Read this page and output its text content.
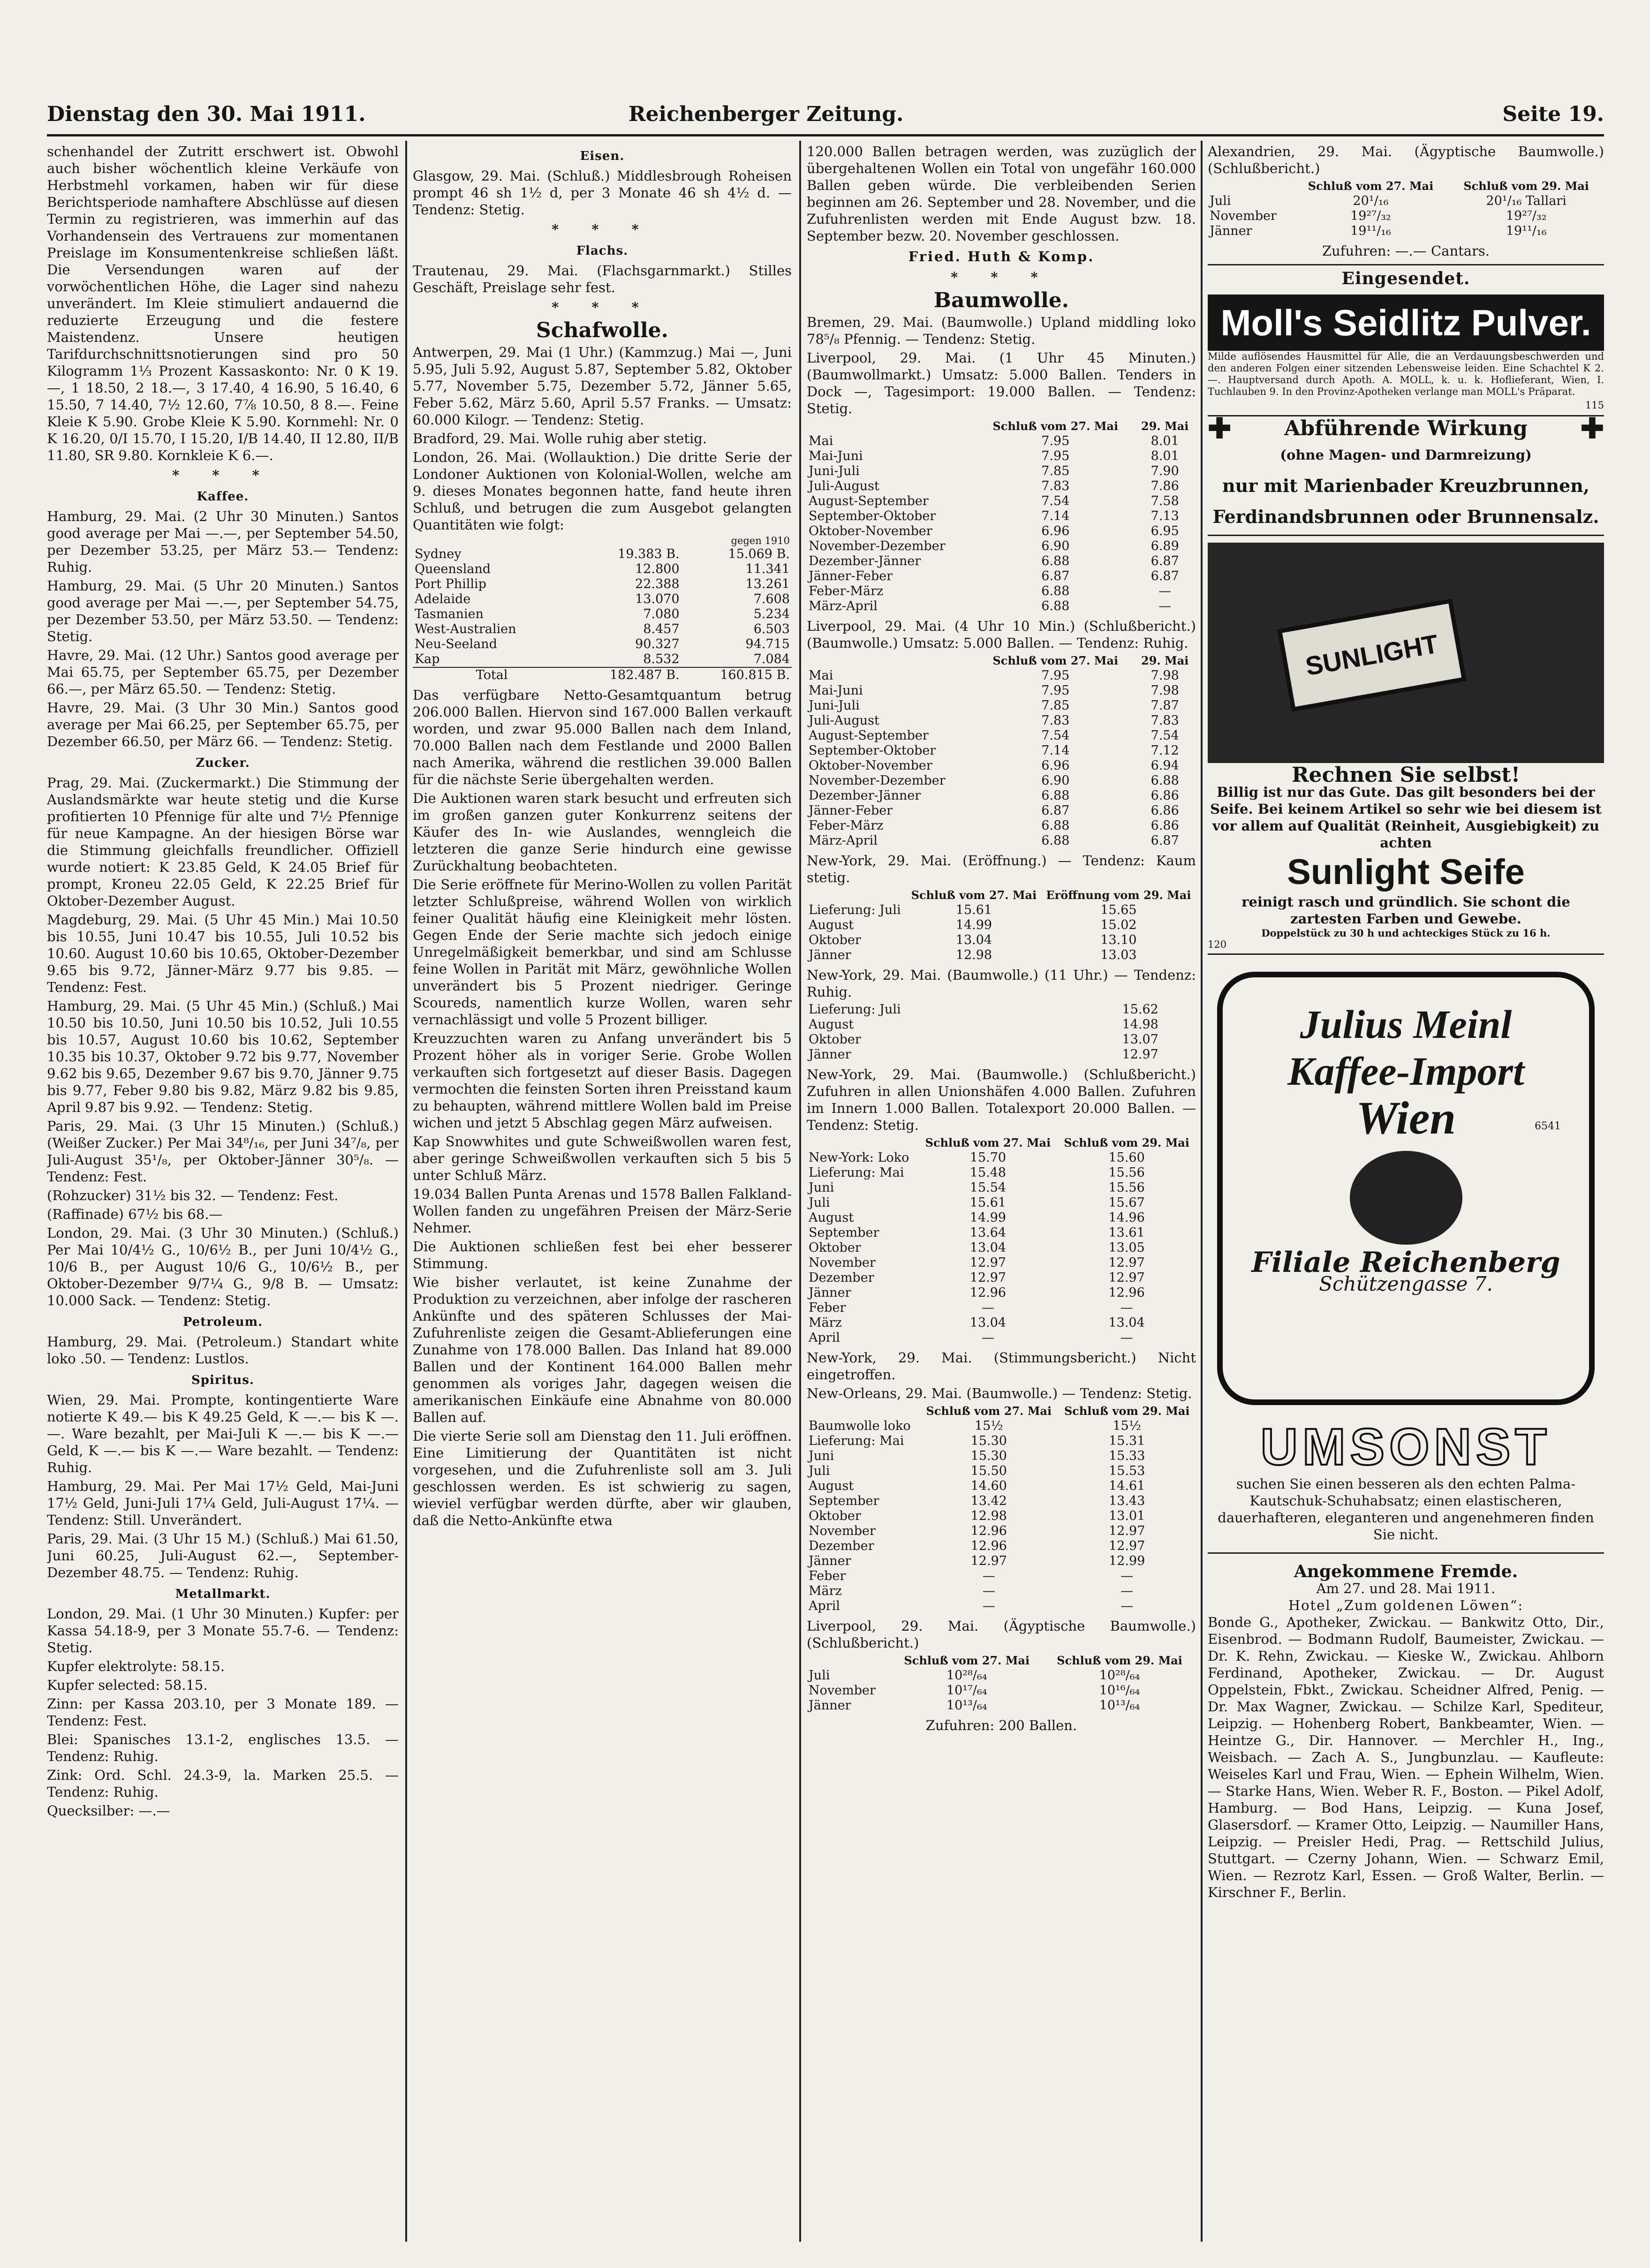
Dienstag den 30. Mai 1911.	Reichenberger Zeitung.	Seite 19.

schenhandel der Zutritt erschwert ist. Obwohl auch bisher wöchentlich kleine Verkäufe von Herbstmehl vorkamen, haben wir für diese Berichtsperiode namhaftere Abschlüsse auf diesen Termin zu registrieren, was immerhin auf das Vorhandensein des Vertrauens zur momentanen Preislage im Konsumentenkreise schließen läßt. Die Versendungen waren auf der vorwöchentlichen Höhe, die Lager sind nahezu unverändert. Im Kleie stimuliert andauernd die reduzierte Erzeugung und die festere Maistendenz. Unsere heutigen Tarifdurchschnittsnotierungen sind pro 50 Kilogramm 1⅓ Prozent Kassaskonto: Nr. 0 K 19.—, 1 18.50, 2 18.—, 3 17.40, 4 16.90, 5 16.40, 6 15.50, 7 14.40, 7½ 12.60, 7⅞ 10.50, 8 8.—. Feine Kleie K 5.90. Grobe Kleie K 5.90. Kornmehl: Nr. 0 K 16.20, 0/I 15.70, I 15.20, I/B 14.40, II 12.80, II/B 11.80, SR 9.80. Kornkleie K 6.—.

* * *
Kaffee.

Hamburg, 29. Mai. (2 Uhr 30 Minuten.) Santos good average per Mai —.—, per September 54.50, per Dezember 53.25, per März 53.— Tendenz: Ruhig.

Hamburg, 29. Mai. (5 Uhr 20 Minuten.) Santos good average per Mai —.—, per September 54.75, per Dezember 53.50, per März 53.50. — Tendenz: Stetig.

Havre, 29. Mai. (12 Uhr.) Santos good average per Mai 65.75, per September 65.75, per Dezember 66.—, per März 65.50. — Tendenz: Stetig.

Havre, 29. Mai. (3 Uhr 30 Min.) Santos good average per Mai 66.25, per September 65.75, per Dezember 66.50, per März 66. — Tendenz: Stetig.

Zucker.

Prag, 29. Mai. (Zuckermarkt.) Die Stimmung der Auslandsmärkte war heute stetig und die Kurse profitierten 10 Pfennige für alte und 7½ Pfennige für neue Kampagne. An der hiesigen Börse war die Stimmung gleichfalls freundlicher. Offiziell wurde notiert: K 23.85 Geld, K 24.05 Brief für prompt, Kroneu 22.05 Geld, K 22.25 Brief für Oktober-Dezember August.

Magdeburg, 29. Mai. (5 Uhr 45 Min.) Mai 10.50 bis 10.55, Juni 10.47 bis 10.55, Juli 10.52 bis 10.60. August 10.60 bis 10.65, Oktober-Dezember 9.65 bis 9.72, Jänner-März 9.77 bis 9.85. — Tendenz: Fest.

Hamburg, 29. Mai. (5 Uhr 45 Min.) (Schluß.) Mai 10.50 bis 10.50, Juni 10.50 bis 10.52, Juli 10.55 bis 10.57, August 10.60 bis 10.62, September 10.35 bis 10.37, Oktober 9.72 bis 9.77, November 9.62 bis 9.65, Dezember 9.67 bis 9.70, Jänner 9.75 bis 9.77, Feber 9.80 bis 9.82, März 9.82 bis 9.85, April 9.87 bis 9.92. — Tendenz: Stetig.

Paris, 29. Mai. (3 Uhr 15 Minuten.) (Schluß.) (Weißer Zucker.) Per Mai 34⁸/₁₆, per Juni 34⁷/₈, per Juli-August 35¹/₈, per Oktober-Jänner 30⁵/₈. — Tendenz: Fest.

(Rohzucker) 31½ bis 32. — Tendenz: Fest.

(Raffinade) 67½ bis 68.—

London, 29. Mai. (3 Uhr 30 Minuten.) (Schluß.) Per Mai 10/4½ G., 10/6½ B., per Juni 10/4½ G., 10/6 B., per August 10/6 G., 10/6½ B., per Oktober-Dezember 9/7¼ G., 9/8 B. — Umsatz: 10.000 Sack. — Tendenz: Stetig.

Petroleum.

Hamburg, 29. Mai. (Petroleum.) Standart white loko .50. — Tendenz: Lustlos.

Spiritus.

Wien, 29. Mai. Prompte, kontingentierte Ware notierte K 49.— bis K 49.25 Geld, K —.— bis K —.—. Ware bezahlt, per Mai-Juli K —.— bis K —.— Geld, K —.— bis K —.— Ware bezahlt. — Tendenz: Ruhig.

Hamburg, 29. Mai. Per Mai 17½ Geld, Mai-Juni 17½ Geld, Juni-Juli 17¼ Geld, Juli-August 17¼. — Tendenz: Still. Unverändert.

Paris, 29. Mai. (3 Uhr 15 M.) (Schluß.) Mai 61.50, Juni 60.25, Juli-August 62.—, September-Dezember 48.75. — Tendenz: Ruhig.

Metallmarkt.

London, 29. Mai. (1 Uhr 30 Minuten.) Kupfer: per Kassa 54.18-9, per 3 Monate 55.7-6. — Tendenz: Stetig.

Kupfer elektrolyte: 58.15.

Kupfer selected: 58.15.

Zinn: per Kassa 203.10, per 3 Monate 189. — Tendenz: Fest.

Blei: Spanisches 13.1-2, englisches 13.5. — Tendenz: Ruhig.

Zink: Ord. Schl. 24.3-9, la. Marken 25.5. — Tendenz: Ruhig.

Quecksilber: —.—

Eisen.

Glasgow, 29. Mai. (Schluß.) Middlesbrough Roheisen prompt 46 sh 1½ d, per 3 Monate 46 sh 4½ d. — Tendenz: Stetig.

* * *
Flachs.

Trautenau, 29. Mai. (Flachsgarnmarkt.) Stilles Geschäft, Preislage sehr fest.

* * *
Schafwolle.

Antwerpen, 29. Mai (1 Uhr.) (Kammzug.) Mai —, Juni 5.95, Juli 5.92, August 5.87, September 5.82, Oktober 5.77, November 5.75, Dezember 5.72, Jänner 5.65, Feber 5.62, März 5.60, April 5.57 Franks. — Umsatz: 60.000 Kilogr. — Tendenz: Stetig.

Bradford, 29. Mai. Wolle ruhig aber stetig.

London, 26. Mai. (Wollauktion.) Die dritte Serie der Londoner Auktionen von Kolonial-Wollen, welche am 9. dieses Monates begonnen hatte, fand heute ihren Schluß, und betrugen die zum Ausgebot gelangten Quantitäten wie folgt:

		gegen 1910
Sydney	19.383 B.	15.069 B.
Queensland	12.800	11.341
Port Phillip	22.388	13.261
Adelaide	13.070	7.608
Tasmanien	7.080	5.234
West-Australien	8.457	6.503
Neu-Seeland	90.327	94.715
Kap	8.532	7.084
Total	182.487 B.	160.815 B.

Das verfügbare Netto-Gesamtquantum betrug 206.000 Ballen. Hiervon sind 167.000 Ballen verkauft worden, und zwar 95.000 Ballen nach dem Inland, 70.000 Ballen nach dem Festlande und 2000 Ballen nach Amerika, während die restlichen 39.000 Ballen für die nächste Serie übergehalten werden.

Die Auktionen waren stark besucht und erfreuten sich im großen ganzen guter Konkurrenz seitens der Käufer des In- wie Auslandes, wenngleich die letzteren die ganze Serie hindurch eine gewisse Zurückhaltung beobachteten.

Die Serie eröffnete für Merino-Wollen zu vollen Parität letzter Schlußpreise, während Wollen von wirklich feiner Qualität häufig eine Kleinigkeit mehr lösten. Gegen Ende der Serie machte sich jedoch einige Unregelmäßigkeit bemerkbar, und sind am Schlusse feine Wollen in Parität mit März, gewöhnliche Wollen unverändert bis 5 Prozent niedriger. Geringe Scoureds, namentlich kurze Wollen, waren sehr vernachlässigt und volle 5 Prozent billiger.

Kreuzzuchten waren zu Anfang unverändert bis 5 Prozent höher als in voriger Serie. Grobe Wollen verkauften sich fortgesetzt auf dieser Basis. Dagegen vermochten die feinsten Sorten ihren Preisstand kaum zu behaupten, während mittlere Wollen bald im Preise wichen und jetzt 5 Abschlag gegen März aufweisen.

Kap Snowwhites und gute Schweißwollen waren fest, aber geringe Schweißwollen verkauften sich 5 bis 5 unter Schluß März.

19.034 Ballen Punta Arenas und 1578 Ballen Falkland-Wollen fanden zu ungefähren Preisen der März-Serie Nehmer.

Die Auktionen schließen fest bei eher besserer Stimmung.

Wie bisher verlautet, ist keine Zunahme der Produktion zu verzeichnen, aber infolge der rascheren Ankünfte und des späteren Schlusses der Mai-Zufuhrenliste zeigen die Gesamt-Ablieferungen eine Zunahme von 178.000 Ballen. Das Inland hat 89.000 Ballen und der Kontinent 164.000 Ballen mehr genommen als voriges Jahr, dagegen weisen die amerikanischen Einkäufe eine Abnahme von 80.000 Ballen auf.

Die vierte Serie soll am Dienstag den 11. Juli eröffnen. Eine Limitierung der Quantitäten ist nicht vorgesehen, und die Zufuhrenliste soll am 3. Juli geschlossen werden. Es ist schwierig zu sagen, wieviel verfügbar werden dürfte, aber wir glauben, daß die Netto-Ankünfte etwa

120.000 Ballen betragen werden, was zuzüglich der übergehaltenen Wollen ein Total von ungefähr 160.000 Ballen geben würde. Die verbleibenden Serien beginnen am 26. September und 28. November, und die Zufuhrenlisten werden mit Ende August bzw. 18. September bezw. 20. November geschlossen.

Fried. Huth & Komp.
* * *
Baumwolle.

Bremen, 29. Mai. (Baumwolle.) Upland middling loko 78⁵/₈ Pfennig. — Tendenz: Stetig.

Liverpool, 29. Mai. (1 Uhr 45 Minuten.) (Baumwollmarkt.) Umsatz: 5.000 Ballen. Tenders in Dock —, Tagesimport: 19.000 Ballen. — Tendenz: Stetig.

	Schluß vom 27. Mai	29. Mai
Mai	7.95	8.01
Mai-Juni	7.95	8.01
Juni-Juli	7.85	7.90
Juli-August	7.83	7.86
August-September	7.54	7.58
September-Oktober	7.14	7.13
Oktober-November	6.96	6.95
November-Dezember	6.90	6.89
Dezember-Jänner	6.88	6.87
Jänner-Feber	6.87	6.87
Feber-März	6.88	—
März-April	6.88	—

Liverpool, 29. Mai. (4 Uhr 10 Min.) (Schlußbericht.) (Baumwolle.) Umsatz: 5.000 Ballen. — Tendenz: Ruhig.

	Schluß vom 27. Mai	29. Mai
Mai	7.95	7.98
Mai-Juni	7.95	7.98
Juni-Juli	7.85	7.87
Juli-August	7.83	7.83
August-September	7.54	7.54
September-Oktober	7.14	7.12
Oktober-November	6.96	6.94
November-Dezember	6.90	6.88
Dezember-Jänner	6.88	6.86
Jänner-Feber	6.87	6.86
Feber-März	6.88	6.86
März-April	6.88	6.87

New-York, 29. Mai. (Eröffnung.) — Tendenz: Kaum stetig.

	Schluß vom 27. Mai	Eröffnung vom 29. Mai
Lieferung: Juli	15.61	15.65
August	14.99	15.02
Oktober	13.04	13.10
Jänner	12.98	13.03

New-York, 29. Mai. (Baumwolle.) (11 Uhr.) — Tendenz: Ruhig.

Lieferung: Juli		15.62
August		14.98
Oktober		13.07
Jänner		12.97

New-York, 29. Mai. (Baumwolle.) (Schlußbericht.) Zufuhren in allen Unionshäfen 4.000 Ballen. Zufuhren im Innern 1.000 Ballen. Totalexport 20.000 Ballen. — Tendenz: Stetig.

	Schluß vom 27. Mai	Schluß vom 29. Mai
New-York: Loko	15.70	15.60
Lieferung: Mai	15.48	15.56
Juni	15.54	15.56
Juli	15.61	15.67
August	14.99	14.96
September	13.64	13.61
Oktober	13.04	13.05
November	12.97	12.97
Dezember	12.97	12.97
Jänner	12.96	12.96
Feber	—	—
März	13.04	13.04
April	—	—

New-York, 29. Mai. (Stimmungsbericht.) Nicht eingetroffen.

New-Orleans, 29. Mai. (Baumwolle.) — Tendenz: Stetig.

	Schluß vom 27. Mai	Schluß vom 29. Mai
Baumwolle loko	15½	15½
Lieferung: Mai	15.30	15.31
Juni	15.30	15.33
Juli	15.50	15.53
August	14.60	14.61
September	13.42	13.43
Oktober	12.98	13.01
November	12.96	12.97
Dezember	12.96	12.97
Jänner	12.97	12.99
Feber	—	—
März	—	—
April	—	—

Liverpool, 29. Mai. (Ägyptische Baumwolle.) (Schlußbericht.)

	Schluß vom 27. Mai	Schluß vom 29. Mai
Juli	10²⁸/₆₄	10²⁸/₆₄
November	10¹⁷/₆₄	10¹⁶/₆₄
Jänner	10¹³/₆₄	10¹³/₆₄
Zufuhren: 200 Ballen.

Alexandrien, 29. Mai. (Ägyptische Baumwolle.) (Schlußbericht.)

	Schluß vom 27. Mai	Schluß vom 29. Mai
Juli	20¹/₁₆	20¹/₁₆ Tallari
November	19²⁷/₃₂	19²⁷/₃₂
Jänner	19¹¹/₁₆	19¹¹/₁₆
Zufuhren: —.— Cantars.
Eingesendet.
Moll's Seidlitz Pulver.

Milde auflösendes Hausmittel für Alle, die an Verdauungsbeschwerden und den anderen Folgen einer sitzenden Lebensweise leiden. Eine Schachtel K 2.—. Hauptversand durch Apoth. A. MOLL, k. u. k. Hoflieferant, Wien, I. Tuchlauben 9. In den Provinz-Apotheken verlange man MOLL's Präparat.

115
✚	Abführende Wirkung ✚
(ohne Magen- und Darmreizung)
nur mit Marienbader Kreuzbrunnen,
Ferdinandsbrunnen oder Brunnensalz.
SUNLIGHT
Rechnen Sie selbst!
Billig ist nur das Gute. Das gilt besonders bei der Seife. Bei keinem Artikel so sehr wie bei diesem ist vor allem auf Qualität (Reinheit, Ausgiebigkeit) zu achten
Sunlight Seife
reinigt rasch und gründlich. Sie schont die zartesten Farben und Gewebe.
Doppelstück zu 30 h und achteckiges Stück zu 16 h.
120
Julius Meinl
Kaffee-Import
Wien	6541
Filiale Reichenberg
Schützengasse 7.
UMSONST

suchen Sie einen besseren als den echten Palma-Kautschuk-Schuhabsatz; einen elastischeren, dauerhafteren, eleganteren und angenehmeren finden Sie nicht.

Angekommene Fremde.
Am 27. und 28. Mai 1911.
Hotel „Zum goldenen Löwen“:

Bonde G., Apotheker, Zwickau. — Bankwitz Otto, Dir., Eisenbrod. — Bodmann Rudolf, Baumeister, Zwickau. — Dr. K. Rehn, Zwickau. — Kieske W., Zwickau. Ahlborn Ferdinand, Apotheker, Zwickau. — Dr. August Oppelstein, Fbkt., Zwickau. Scheidner Alfred, Penig. — Dr. Max Wagner, Zwickau. — Schilze Karl, Spediteur, Leipzig. — Hohenberg Robert, Bankbeamter, Wien. — Heintze G., Dir. Hannover. — Merchler H., Ing., Weisbach. — Zach A. S., Jungbunzlau. — Kaufleute: Weiseles Karl und Frau, Wien. — Ephein Wilhelm, Wien. — Starke Hans, Wien. Weber R. F., Boston. — Pikel Adolf, Hamburg. — Bod Hans, Leipzig. — Kuna Josef, Glasersdorf. — Kramer Otto, Leipzig. — Naumiller Hans, Leipzig. — Preisler Hedi, Prag. — Rettschild Julius, Stuttgart. — Czerny Johann, Wien. — Schwarz Emil, Wien. — Rezrotz Karl, Essen. — Groß Walter, Berlin. — Kirschner F., Berlin.
